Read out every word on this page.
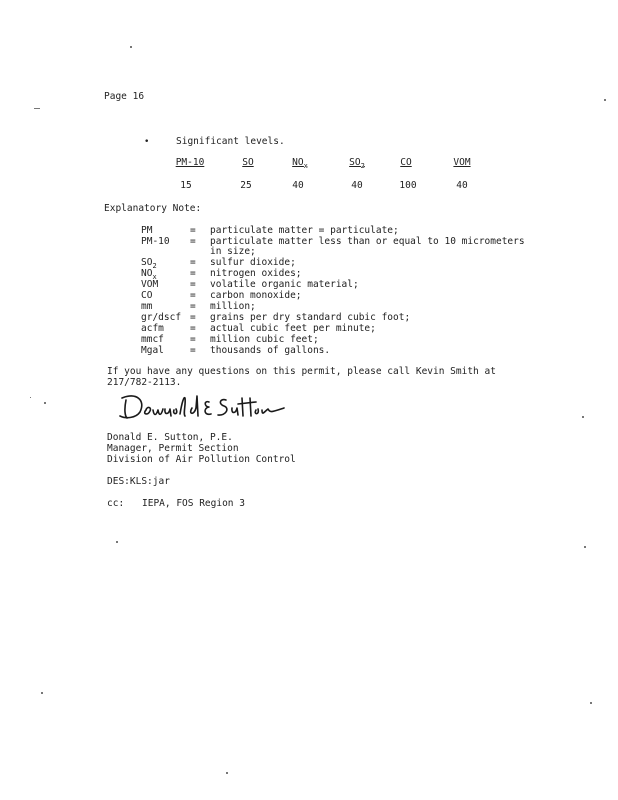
Page 16
•	Significant levels.
PM-10	SO	$NO_x$	$SO_2$	CO	VOM
15	25	40	40	100	40
Explanatory Note:
PM	= particulate matter = particulate;
PM-10 = particulate matter less than or equal to 10 micrometers
in size;
$SO_2$	= sulfur dioxide;
$NO_x$	= nitrogen oxides;
VOM	= volatile organic material;
CO	= carbon monoxide;
mm	= million;
gr/dscf = grains per dry standard cubic foot;
acfm	= actual cubic feet per minute;
mmcf	= million cubic feet;
Mgal	= thousands of gallons.
If you have any questions on this permit, please call Kevin Smith at
217/782-2113.
Donald E. Sutton, P.E.
Manager, Permit Section
Division of Air Pollution Control
DES:KLS:jar
cc: IEPA, FOS Region 3
